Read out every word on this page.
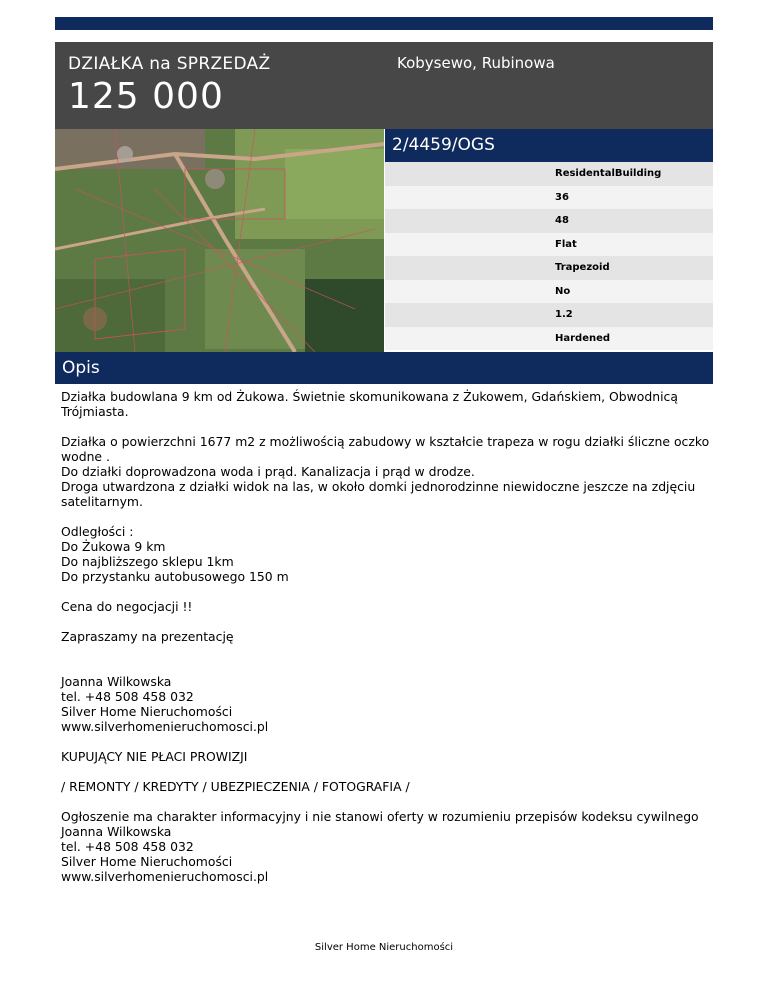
DZIAŁKA na SPRZEDAŻ
125 000
Kobysewo, Rubinowa
2/4459/OGS
ResidentalBuilding
36
48
Flat
Trapezoid
No
1.2
Hardened
Opis

Działka budowlana 9 km od Żukowa. Świetnie skomunikowana z Żukowem, Gdańskiem, Obwodnicą Trójmiasta.

Działka o powierzchni 1677 m2 z możliwością zabudowy w kształcie trapeza w rogu działki śliczne oczko wodne .
Do działki doprowadzona woda i prąd. Kanalizacja i prąd w drodze.
Droga utwardzona z działki widok na las, w około domki jednorodzinne niewidoczne jeszcze na zdjęciu satelitarnym.

Odległości :
Do Żukowa 9 km
Do najbliższego sklepu 1km
Do przystanku autobusowego 150 m

Cena do negocjacji !!

Zapraszamy na prezentację

Joanna Wilkowska
tel. +48 508 458 032
Silver Home Nieruchomości
www.silverhomenieruchomosci.pl

KUPUJĄCY NIE PŁACI PROWIZJI

/ REMONTY / KREDYTY / UBEZPIECZENIA / FOTOGRAFIA /

Ogłoszenie ma charakter informacyjny i nie stanowi oferty w rozumieniu przepisów kodeksu cywilnego
Joanna Wilkowska
tel. +48 508 458 032
Silver Home Nieruchomości
www.silverhomenieruchomosci.pl

Silver Home Nieruchomości
